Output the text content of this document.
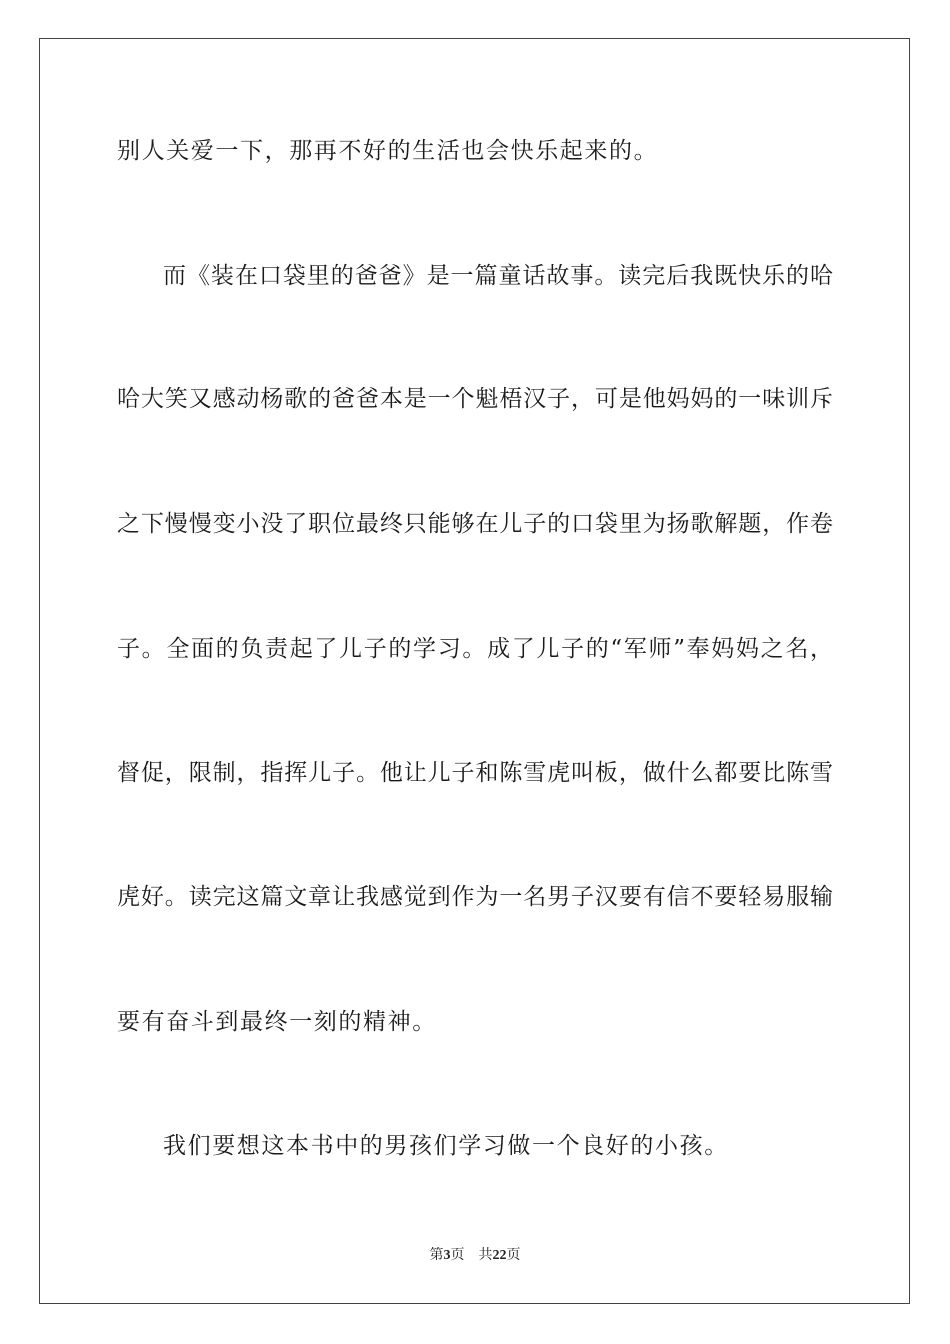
别人关爱一下，那再不好的生活也会快乐起来的。
而《装在口袋里的爸爸》是一篇童话故事。读完后我既快乐的哈
哈大笑又感动杨歌的爸爸本是一个魁梧汉子，可是他妈妈的一味训斥
之下慢慢变小没了职位最终只能够在儿子的口袋里为扬歌解题，作卷
子。全面的负责起了儿子的学习。成了儿子的“军师”奉妈妈之名，
督促，限制，指挥儿子。他让儿子和陈雪虎叫板，做什么都要比陈雪
虎好。读完这篇文章让我感觉到作为一名男子汉要有信不要轻易服输
要有奋斗到最终一刻的精神。
我们要想这本书中的男孩们学习做一个良好的小孩。
第3页 共22页
